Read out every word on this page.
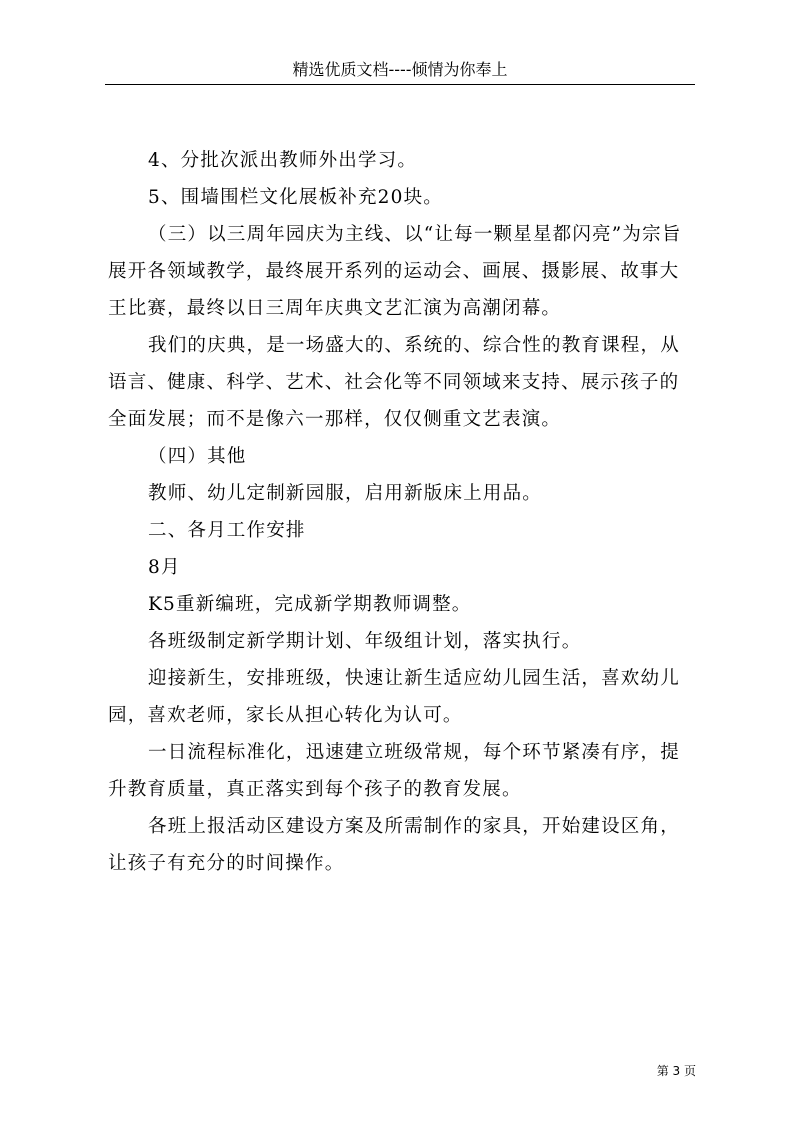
精选优质文档----倾情为你奉上

4、分批次派出教师外出学习。

5、围墙围栏文化展板补充20块。

（三）以三周年园庆为主线、以“让每一颗星星都闪亮”为宗旨展开各领域教学，最终展开系列的运动会、画展、摄影展、故事大王比赛，最终以日三周年庆典文艺汇演为高潮闭幕。

我们的庆典，是一场盛大的、系统的、综合性的教育课程，从语言、健康、科学、艺术、社会化等不同领域来支持、展示孩子的全面发展；而不是像六一那样，仅仅侧重文艺表演。

（四）其他

教师、幼儿定制新园服，启用新版床上用品。

二、各月工作安排

8月

K5重新编班，完成新学期教师调整。

各班级制定新学期计划、年级组计划，落实执行。

迎接新生，安排班级，快速让新生适应幼儿园生活，喜欢幼儿园，喜欢老师，家长从担心转化为认可。

一日流程标准化，迅速建立班级常规，每个环节紧凑有序，提升教育质量，真正落实到每个孩子的教育发展。

各班上报活动区建设方案及所需制作的家具，开始建设区角，让孩子有充分的时间操作。

第 3 页
